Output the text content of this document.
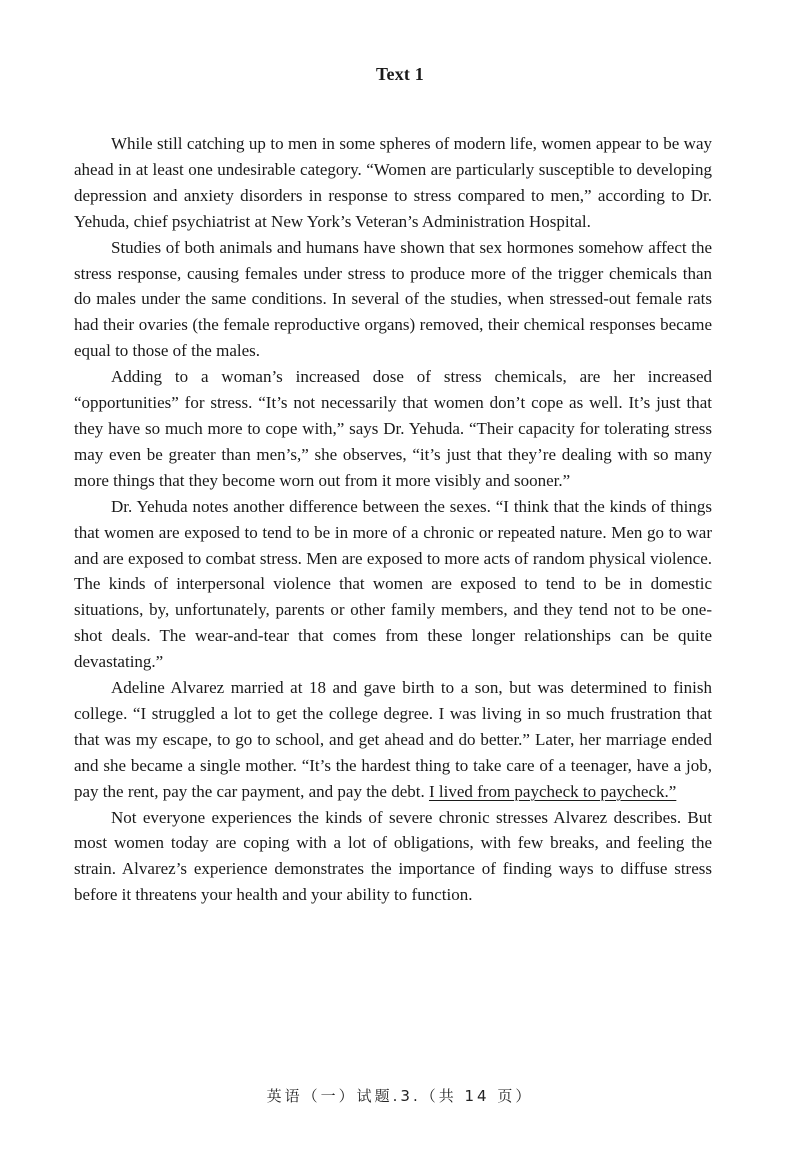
Text 1

While still catching up to men in some spheres of modern life, women appear to be way ahead in at least one undesirable category. “Women are particularly susceptible to developing depression and anxiety disorders in response to stress compared to men,” according to Dr. Yehuda, chief psychiatrist at New York’s Veteran’s Administration Hospital.

Studies of both animals and humans have shown that sex hormones somehow affect the stress response, causing females under stress to produce more of the trigger chemicals than do males under the same conditions. In several of the studies, when stressed-out female rats had their ovaries (the female reproductive organs) removed, their chemical responses became equal to those of the males.

Adding to a woman’s increased dose of stress chemicals, are her increased “opportunities” for stress. “It’s not necessarily that women don’t cope as well. It’s just that they have so much more to cope with,” says Dr. Yehuda. “Their capacity for tolerating stress may even be greater than men’s,” she observes, “it’s just that they’re dealing with so many more things that they become worn out from it more visibly and sooner.”

Dr. Yehuda notes another difference between the sexes. “I think that the kinds of things that women are exposed to tend to be in more of a chronic or repeated nature. Men go to war and are exposed to combat stress. Men are exposed to more acts of random physical violence. The kinds of interpersonal violence that women are exposed to tend to be in domestic situations, by, unfortunately, parents or other family members, and they tend not to be one-shot deals. The wear-and-tear that comes from these longer relationships can be quite devastating.”

Adeline Alvarez married at 18 and gave birth to a son, but was determined to finish college. “I struggled a lot to get the college degree. I was living in so much frustration that that was my escape, to go to school, and get ahead and do better.” Later, her marriage ended and she became a single mother. “It’s the hardest thing to take care of a teenager, have a job, pay the rent, pay the car payment, and pay the debt. I lived from paycheck to paycheck.”

Not everyone experiences the kinds of severe chronic stresses Alvarez describes. But most women today are coping with a lot of obligations, with few breaks, and feeling the strain. Alvarez’s experience demonstrates the importance of finding ways to diffuse stress before it threatens your health and your ability to function.

英语（一）试题.3.（共 14 页）
